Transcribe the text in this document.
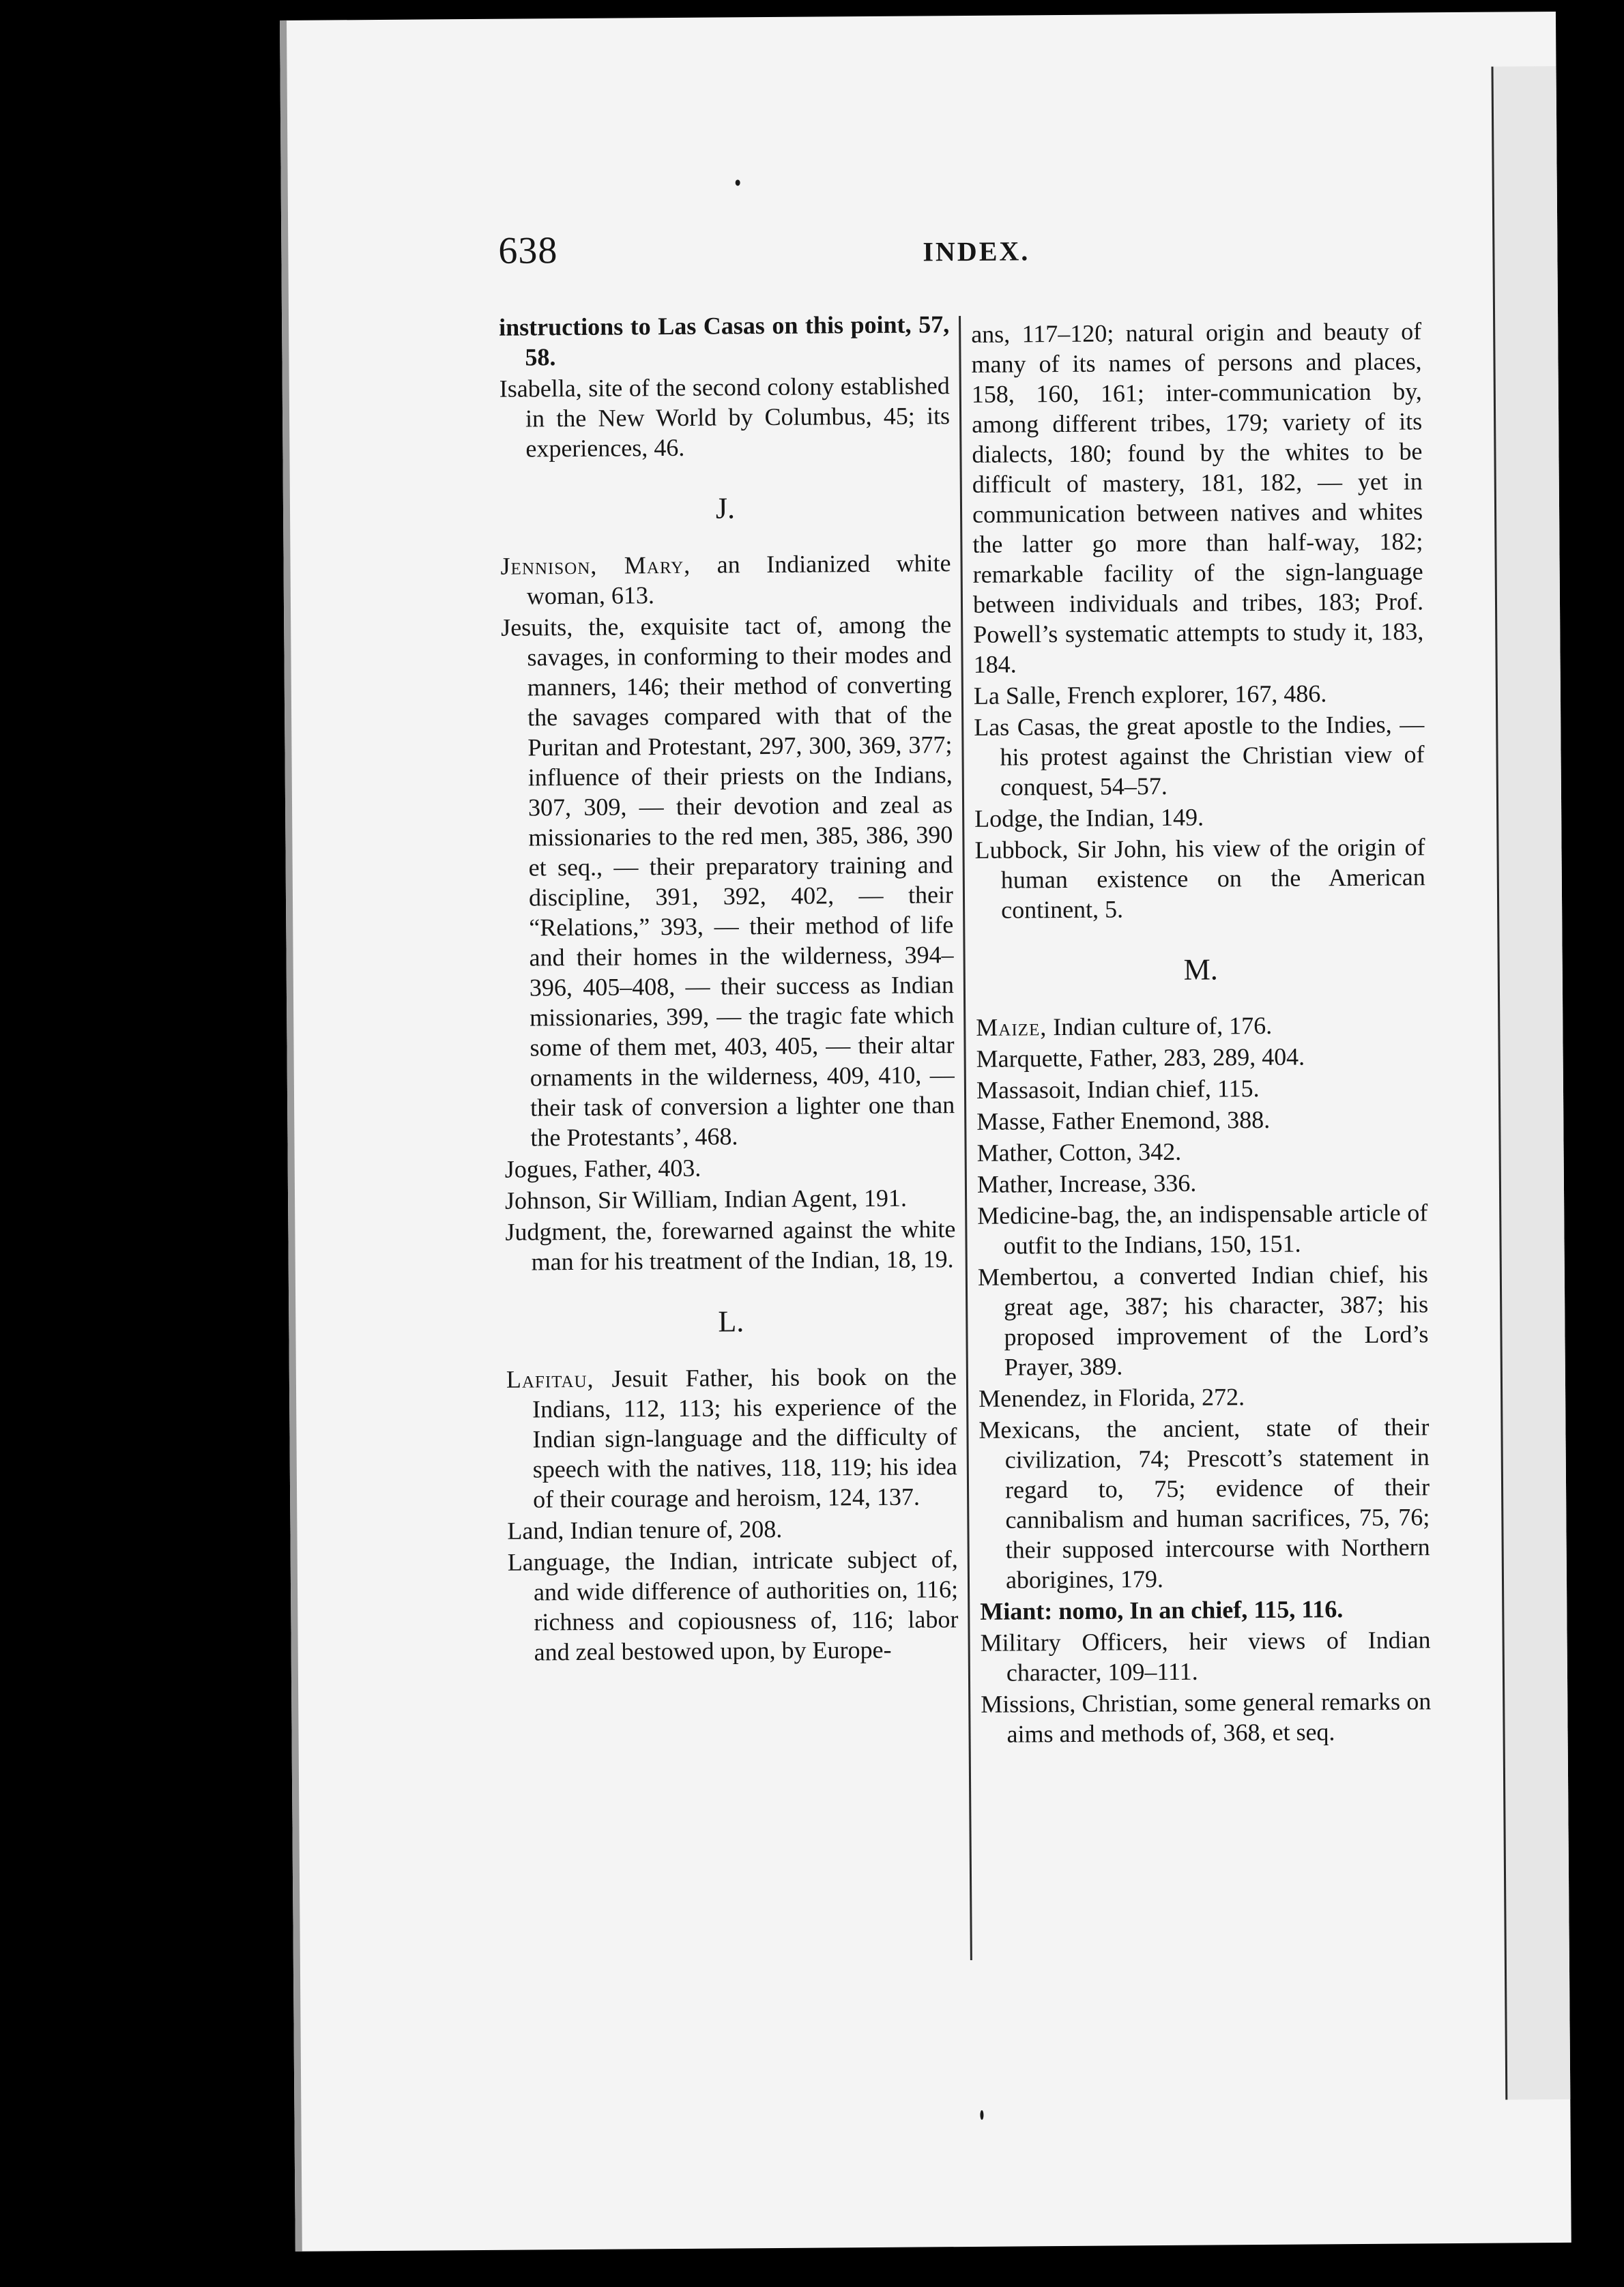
638	INDEX.

instructions to Las Casas on this point, 57, 58.

Isabella, site of the second colony established in the New World by Columbus, 45; its experiences, 46.

J.

Jennison, Mary, an Indianized white woman, 613.

Jesuits, the, exquisite tact of, among the savages, in conforming to their modes and manners, 146; their method of converting the savages compared with that of the Puritan and Protestant, 297, 300, 369, 377; influence of their priests on the Indians, 307, 309, — their devotion and zeal as missionaries to the red men, 385, 386, 390 et seq., — their preparatory training and discipline, 391, 392, 402, — their “Relations,” 393, — their method of life and their homes in the wilderness, 394–396, 405–408, — their success as Indian missionaries, 399, — the tragic fate which some of them met, 403, 405, — their altar ornaments in the wilderness, 409, 410, — their task of conversion a lighter one than the Protestants’, 468.

Jogues, Father, 403.

Johnson, Sir William, Indian Agent, 191.

Judgment, the, forewarned against the white man for his treatment of the Indian, 18, 19.

L.

Lafitau, Jesuit Father, his book on the Indians, 112, 113; his experience of the Indian sign-language and the difficulty of speech with the natives, 118, 119; his idea of their courage and heroism, 124, 137.

Land, Indian tenure of, 208.

Language, the Indian, intricate subject of, and wide difference of authorities on, 116; richness and copiousness of, 116; labor and zeal bestowed upon, by Europe-

ans, 117–120; natural origin and beauty of many of its names of persons and places, 158, 160, 161; inter-communication by, among different tribes, 179; variety of its dialects, 180; found by the whites to be difficult of mastery, 181, 182, — yet in communication between natives and whites the latter go more than half-way, 182; remarkable facility of the sign-language between individuals and tribes, 183; Prof. Powell’s systematic attempts to study it, 183, 184.

La Salle, French explorer, 167, 486.

Las Casas, the great apostle to the Indies, — his protest against the Christian view of conquest, 54–57.

Lodge, the Indian, 149.

Lubbock, Sir John, his view of the origin of human existence on the American continent, 5.

M.

Maize, Indian culture of, 176.

Marquette, Father, 283, 289, 404.

Massasoit, Indian chief, 115.

Masse, Father Enemond, 388.

Mather, Cotton, 342.

Mather, Increase, 336.

Medicine-bag, the, an indispensable article of outfit to the Indians, 150, 151.

Membertou, a converted Indian chief, his great age, 387; his character, 387; his proposed improvement of the Lord’s Prayer, 389.

Menendez, in Florida, 272.

Mexicans, the ancient, state of their civilization, 74; Prescott’s statement in regard to, 75; evidence of their cannibalism and human sacrifices, 75, 76; their supposed intercourse with Northern aborigines, 179.

Miant: nomo, In an chief, 115, 116.

Military Officers, heir views of Indian character, 109–111.

Missions, Christian, some general remarks on aims and methods of, 368, et seq.
